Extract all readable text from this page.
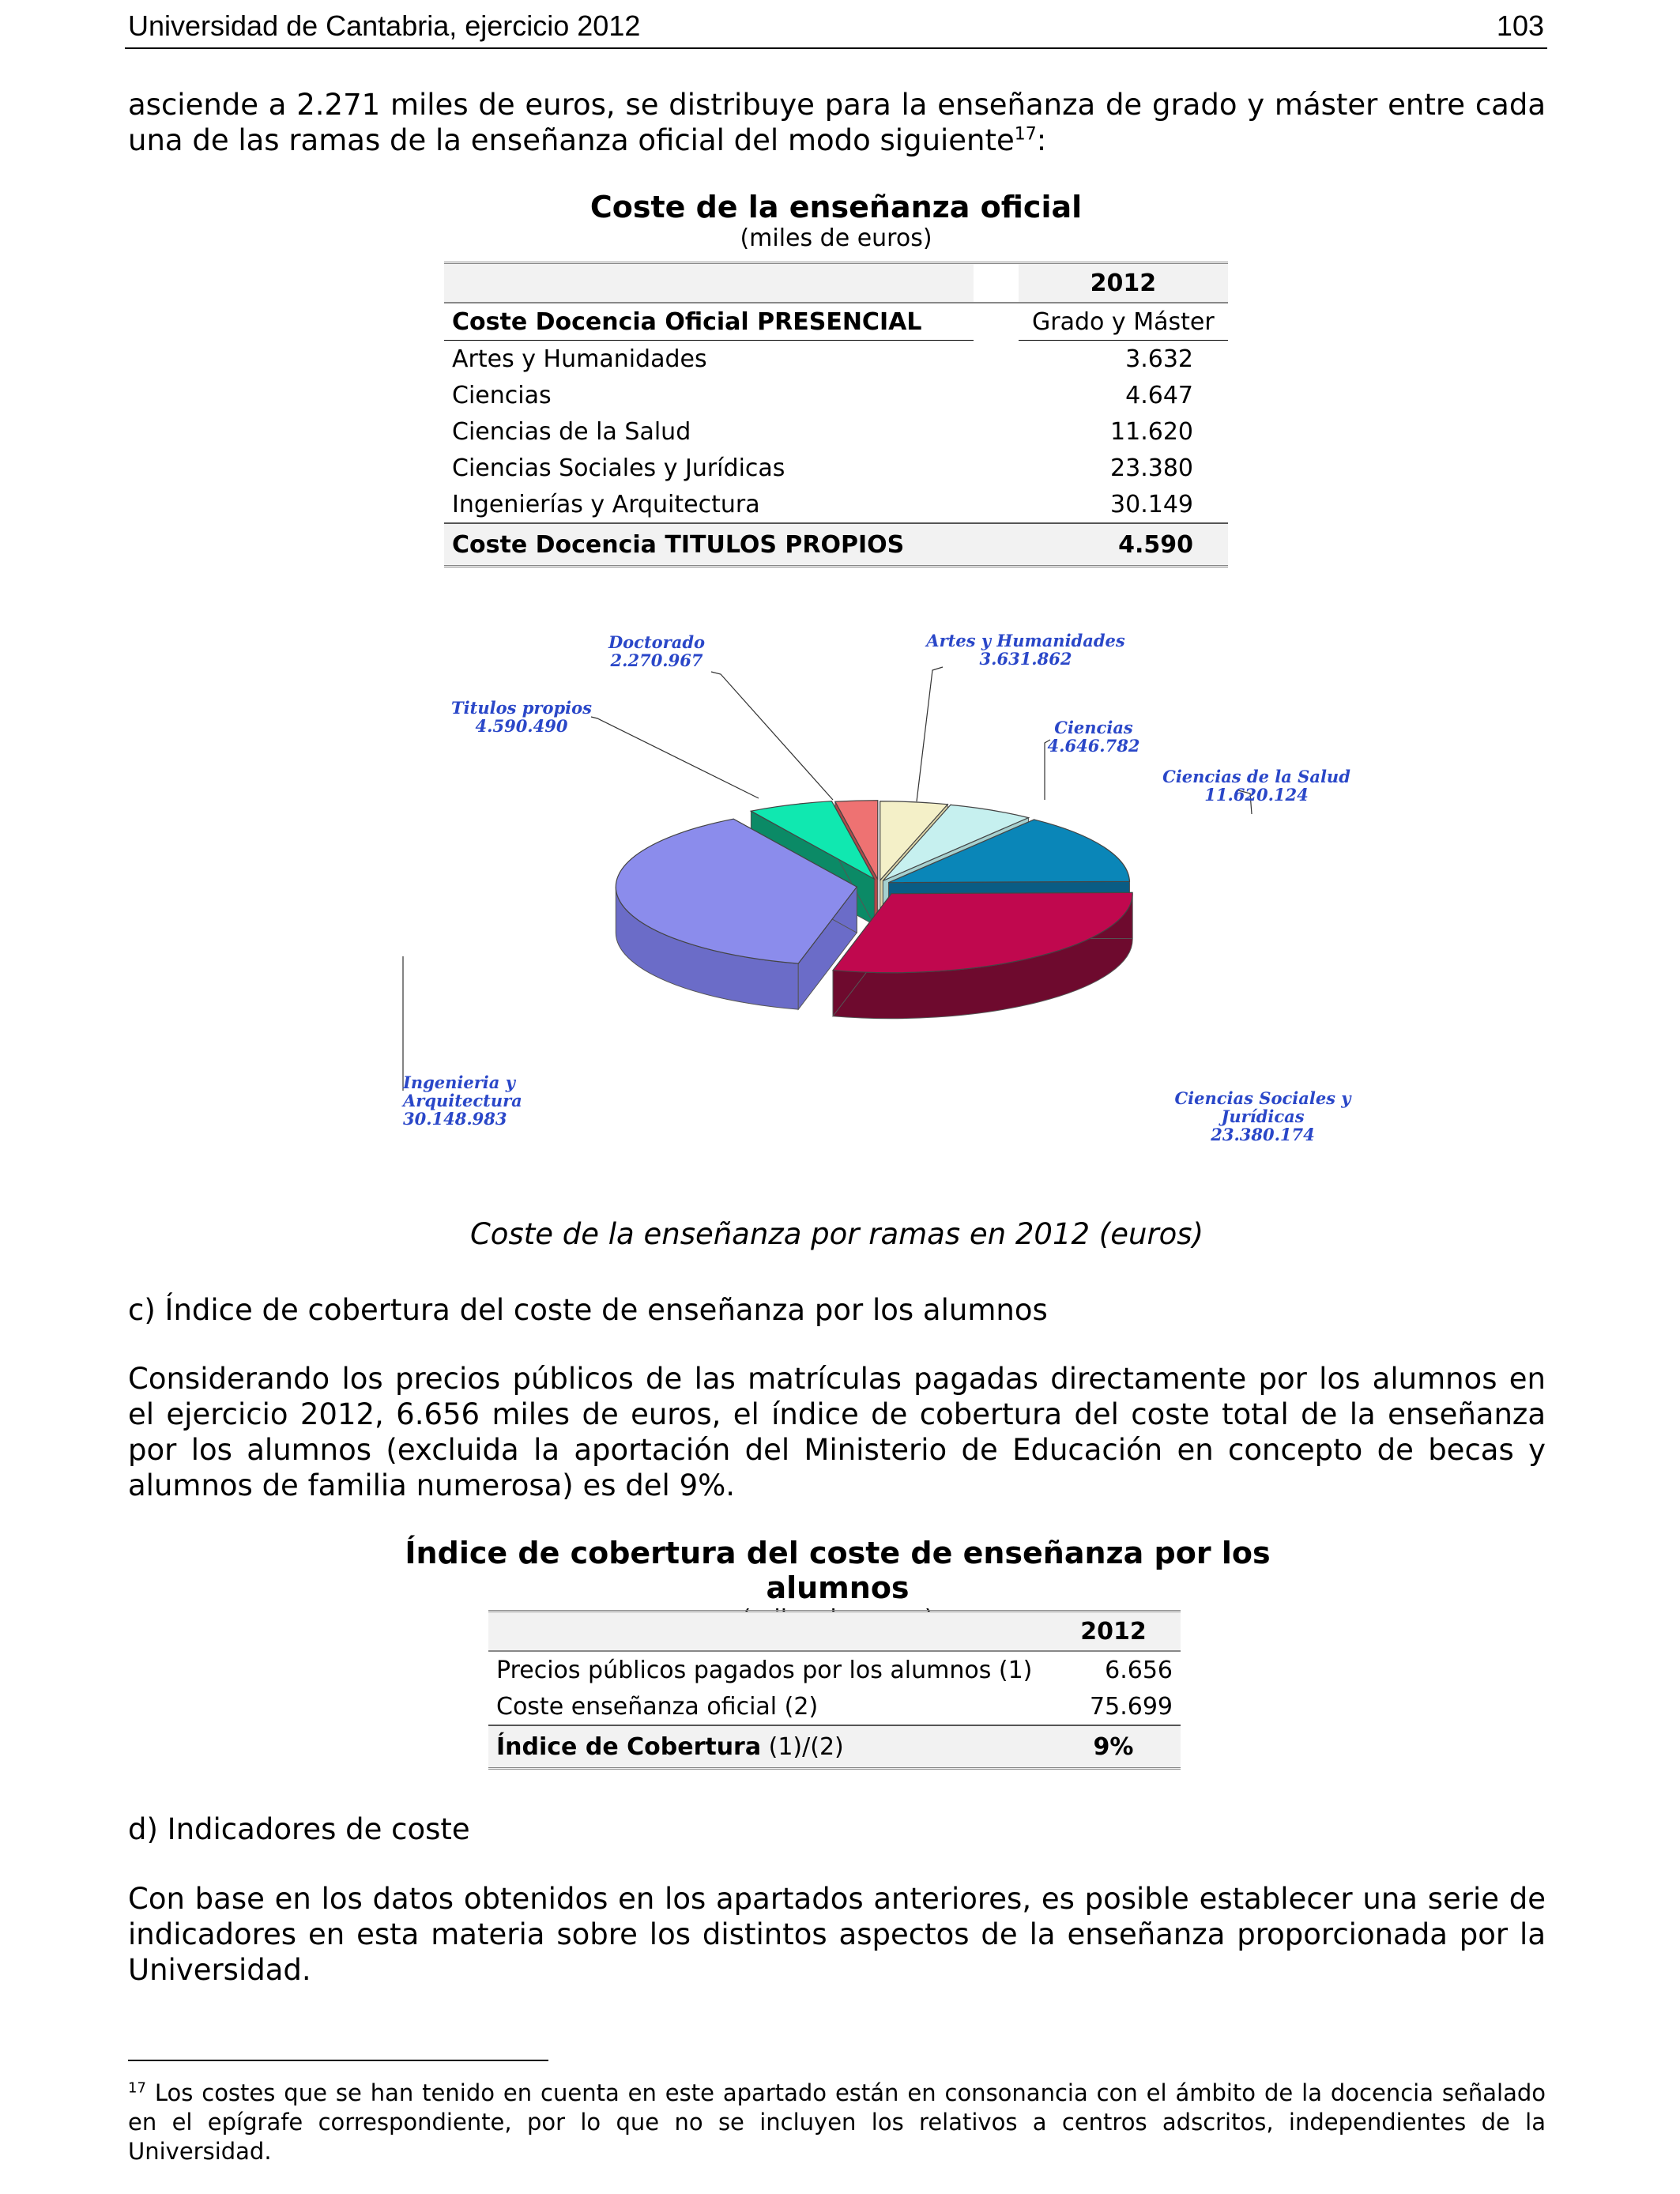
Universidad de Cantabria, ejercicio 2012	103
asciende a 2.271 miles de euros, se distribuye para la enseñanza de grado y máster entre cada una de las ramas de la enseñanza oficial del modo siguiente$^{17}$:
Coste de la enseñanza oficial
(miles de euros)
		2012
Coste Docencia Oficial PRESENCIAL		Grado y Máster
Artes y Humanidades		3.632
Ciencias		4.647
Ciencias de la Salud		11.620
Ciencias Sociales y Jurídicas		23.380
Ingenierías y Arquitectura		30.149
Coste Docencia TITULOS PROPIOS		4.590
Artes y Humanidades 3.631.862
Ciencias 4.646.782
Ciencias de la Salud 11.620.124
Ciencias Sociales y Jurídicas 23.380.174
Ingenieria y Arquitectura 30.148.983
Titulos propios 4.590.490
Doctorado 2.270.967
Coste de la enseñanza por ramas en 2012 (euros)
c) Índice de cobertura del coste de enseñanza por los alumnos
Considerando los precios públicos de las matrículas pagadas directamente por los alumnos en el ejercicio 2012, 6.656 miles de euros, el índice de cobertura del coste total de la enseñanza por los alumnos (excluida la aportación del Ministerio de Educación en concepto de becas y alumnos de familia numerosa) es del 9%.
Índice de cobertura del coste de enseñanza por los alumnos
	2012
Precios públicos pagados por los alumnos (1)	6.656
Coste enseñanza oficial (2)	75.699
Índice de Cobertura (1)/(2)	9%
d) Indicadores de coste
Con base en los datos obtenidos en los apartados anteriores, es posible establecer una serie de indicadores en esta materia sobre los distintos aspectos de la enseñanza proporcionada por la Universidad.
$^{17}$ Los costes que se han tenido en cuenta en este apartado están en consonancia con el ámbito de la docencia señalado en el epígrafe correspondiente, por lo que no se incluyen los relativos a centros adscritos, independientes de la Universidad.
